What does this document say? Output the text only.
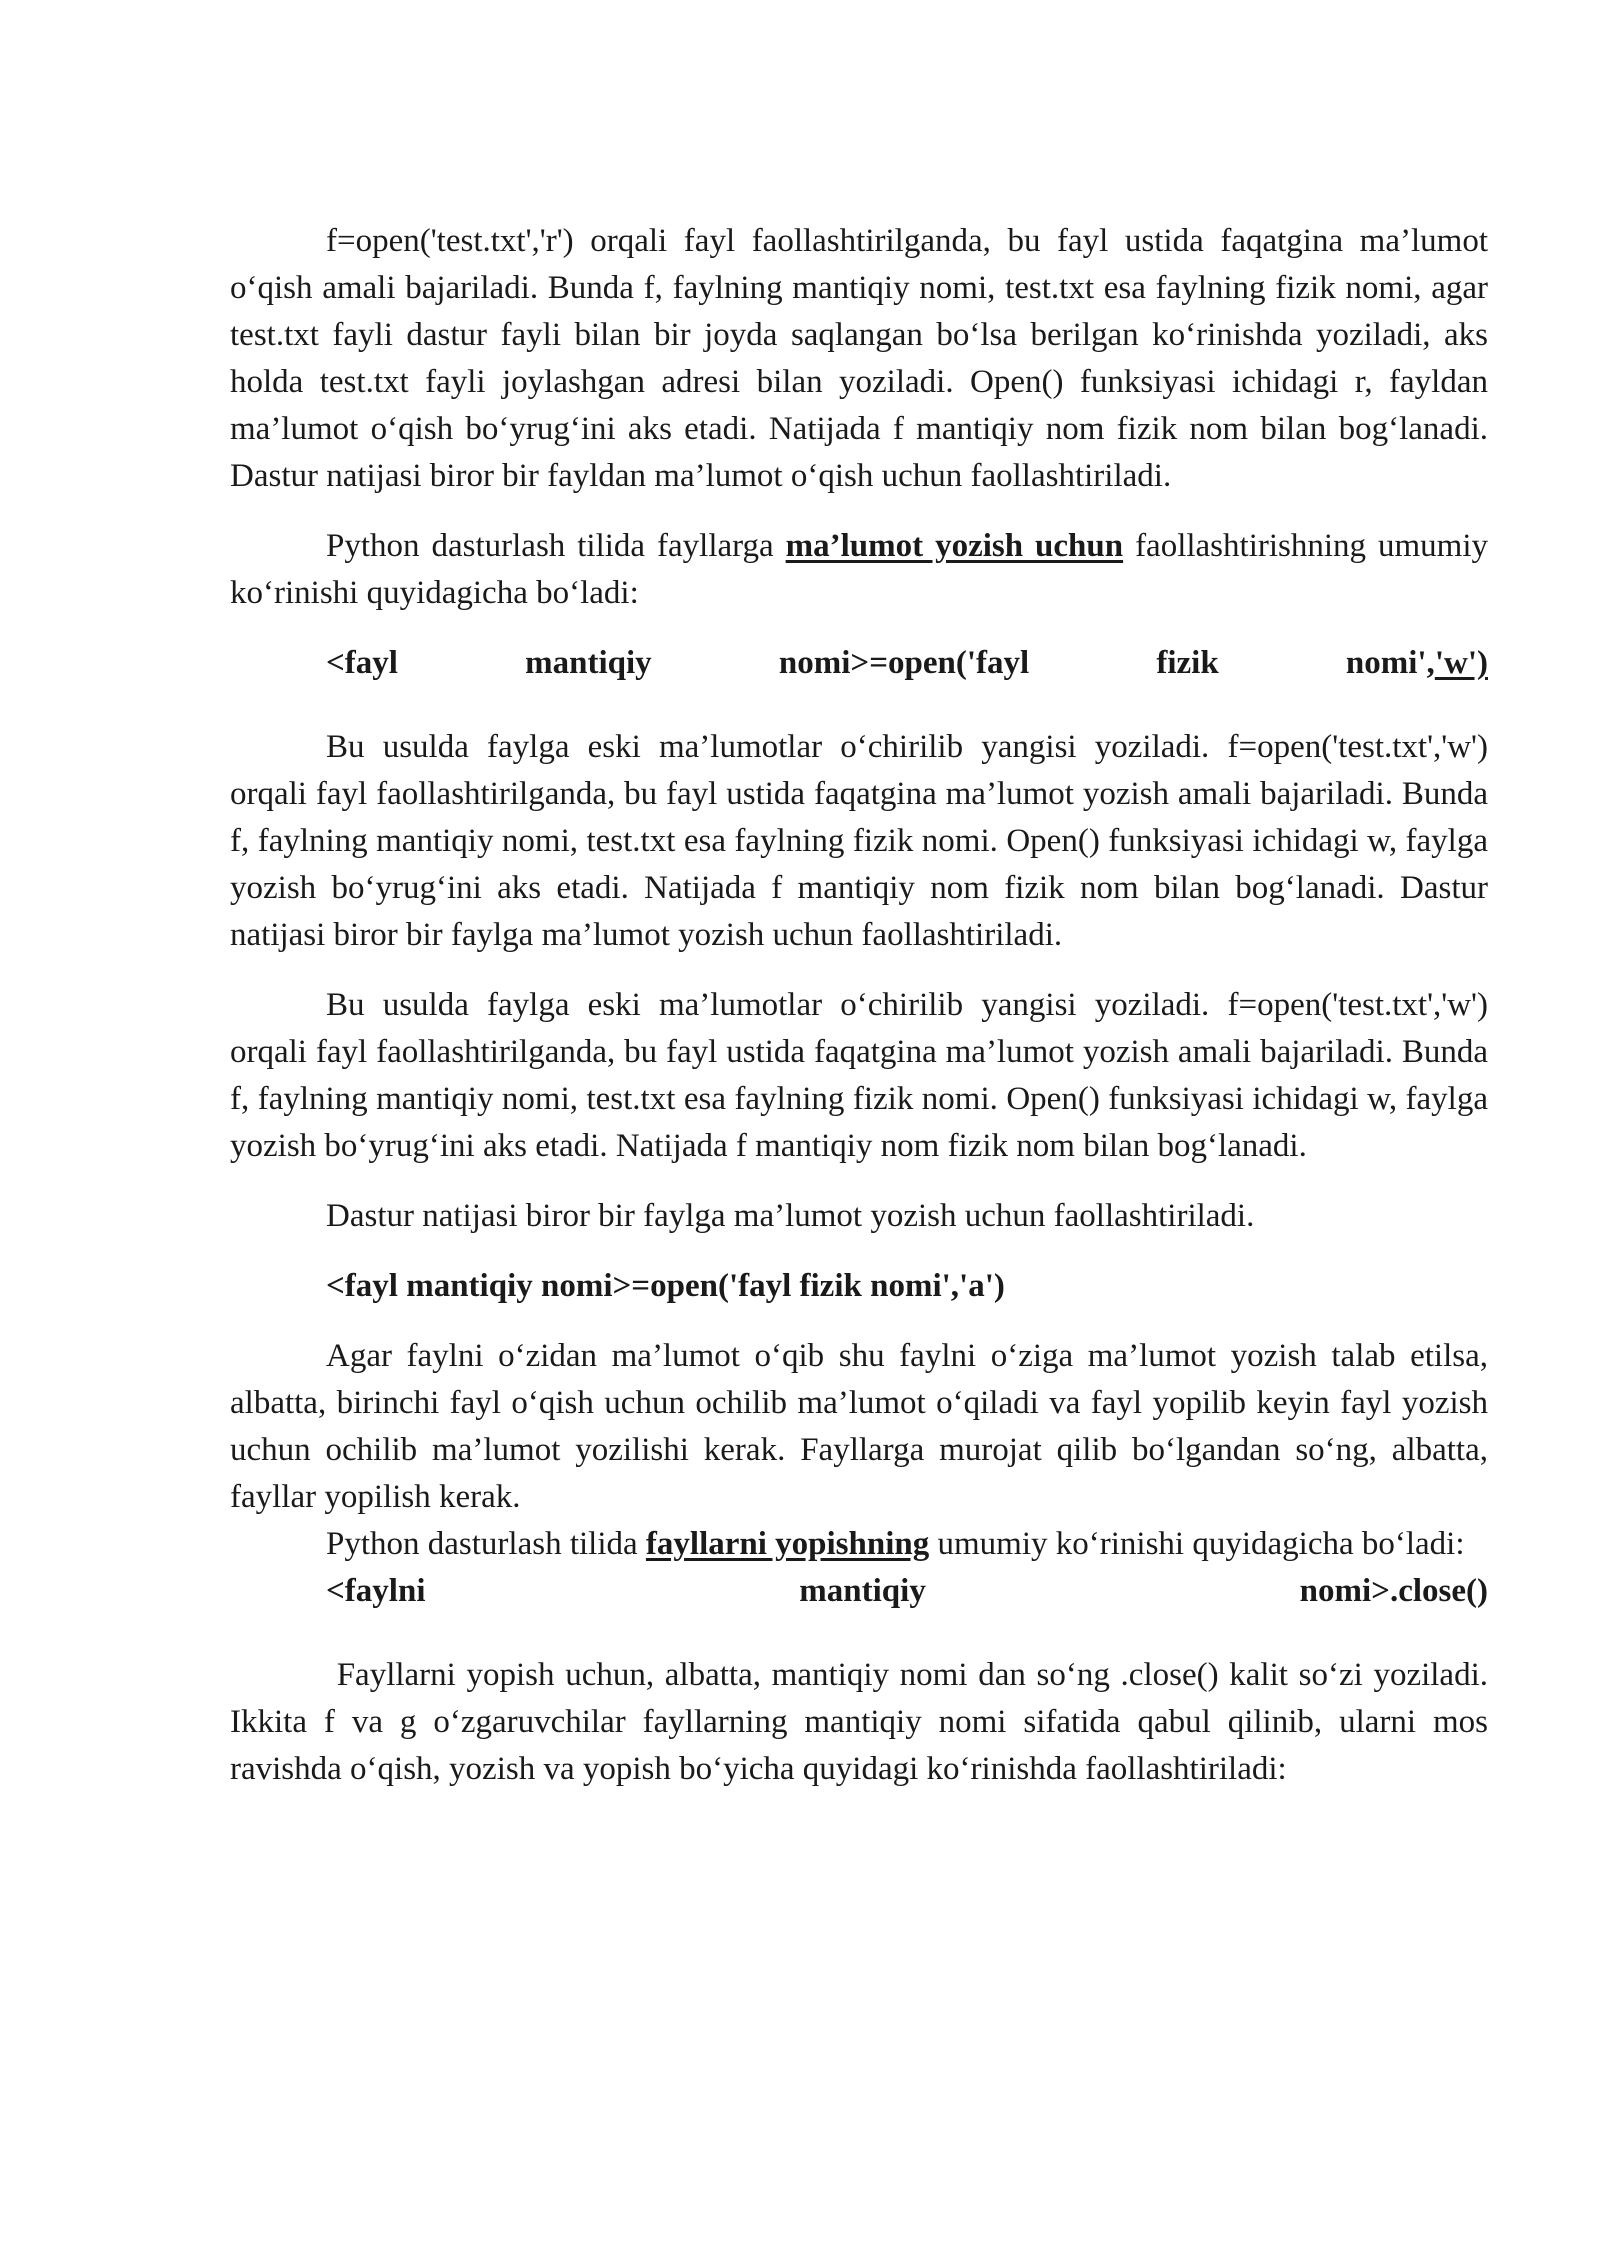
f=open('test.txt','r') orqali fayl faollashtirilganda, bu fayl ustida faqatgina ma’lumot o‘qish amali bajariladi. Bunda f, faylning mantiqiy nomi, test.txt esa faylning fizik nomi, agar test.txt fayli dastur fayli bilan bir joyda saqlangan bo‘lsa berilgan ko‘rinishda yoziladi, aks holda test.txt fayli joylashgan adresi bilan yoziladi. Open() funksiyasi ichidagi r, fayldan ma’lumot o‘qish bo‘yrug‘ini aks etadi. Natijada f mantiqiy nom fizik nom bilan bog‘lanadi. Dastur natijasi biror bir fayldan ma’lumot o‘qish uchun faollashtiriladi.

Python dasturlash tilida fayllarga ma’lumot yozish uchun faollashtirishning umumiy ko‘rinishi quyidagicha bo‘ladi:

<fayl	mantiqiy	nomi>=open('fayl	fizik	nomi','w')

Bu usulda faylga eski ma’lumotlar o‘chirilib yangisi yoziladi. f=open('test.txt','w') orqali fayl faollashtirilganda, bu fayl ustida faqatgina ma’lumot yozish amali bajariladi. Bunda f, faylning mantiqiy nomi, test.txt esa faylning fizik nomi. Open() funksiyasi ichidagi w, faylga yozish bo‘yrug‘ini aks etadi. Natijada f mantiqiy nom fizik nom bilan bog‘lanadi. Dastur natijasi biror bir faylga ma’lumot yozish uchun faollashtiriladi.

Bu usulda faylga eski ma’lumotlar o‘chirilib yangisi yoziladi. f=open('test.txt','w') orqali fayl faollashtirilganda, bu fayl ustida faqatgina ma’lumot yozish amali bajariladi. Bunda f, faylning mantiqiy nomi, test.txt esa faylning fizik nomi. Open() funksiyasi ichidagi w, faylga yozish bo‘yrug‘ini aks etadi. Natijada f mantiqiy nom fizik nom bilan bog‘lanadi.

Dastur natijasi biror bir faylga ma’lumot yozish uchun faollashtiriladi.

<fayl mantiqiy nomi>=open('fayl fizik nomi','a')

Agar faylni o‘zidan ma’lumot o‘qib shu faylni o‘ziga ma’lumot yozish talab etilsa, albatta, birinchi fayl o‘qish uchun ochilib ma’lumot o‘qiladi va fayl yopilib keyin fayl yozish uchun ochilib ma’lumot yozilishi kerak. Fayllarga murojat qilib bo‘lgandan so‘ng, albatta, fayllar yopilish kerak.

Python dasturlash tilida fayllarni yopishning umumiy ko‘rinishi quyidagicha bo‘ladi:

<faylni	mantiqiy	nomi>.close()

Fayllarni yopish uchun, albatta, mantiqiy nomi dan so‘ng .close() kalit so‘zi yoziladi. Ikkita f va g o‘zgaruvchilar fayllarning mantiqiy nomi sifatida qabul qilinib, ularni mos ravishda o‘qish, yozish va yopish bo‘yicha quyidagi ko‘rinishda faollashtiriladi:
